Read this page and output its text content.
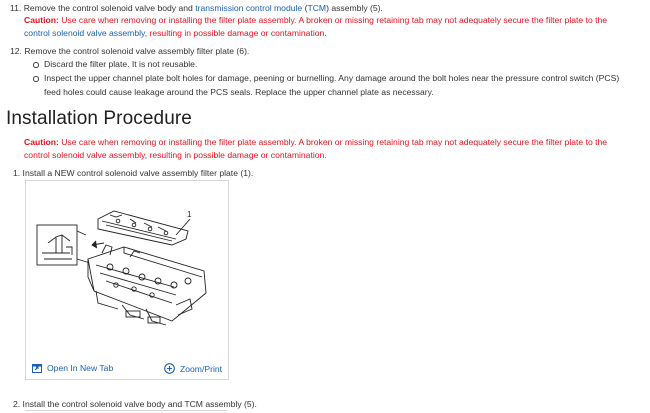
11. Remove the control solenoid valve body and transmission control module (TCM) assembly (5).
Caution: Use care when removing or installing the filter plate assembly. A broken or missing retaining tab may not adequately secure the filter plate to the
control solenoid valve assembly, resulting in possible damage or contamination.
12. Remove the control solenoid valve assembly filter plate (6).
Discard the filter plate. It is not reusable.
Inspect the upper channel plate bolt holes for damage, peening or burnelling. Any damage around the bolt holes near the pressure control switch (PCS)
feed holes could cause leakage around the PCS seals. Replace the upper channel plate as necessary.
Installation Procedure
Caution: Use care when removing or installing the filter plate assembly. A broken or missing retaining tab may not adequately secure the filter plate to the
control solenoid valve assembly, resulting in possible damage or contamination.
1. Install a NEW control solenoid valve assembly filter plate (1).
1
Open In New Tab	Zoom/Print
2. Install the control solenoid valve body and TCM assembly (5).
